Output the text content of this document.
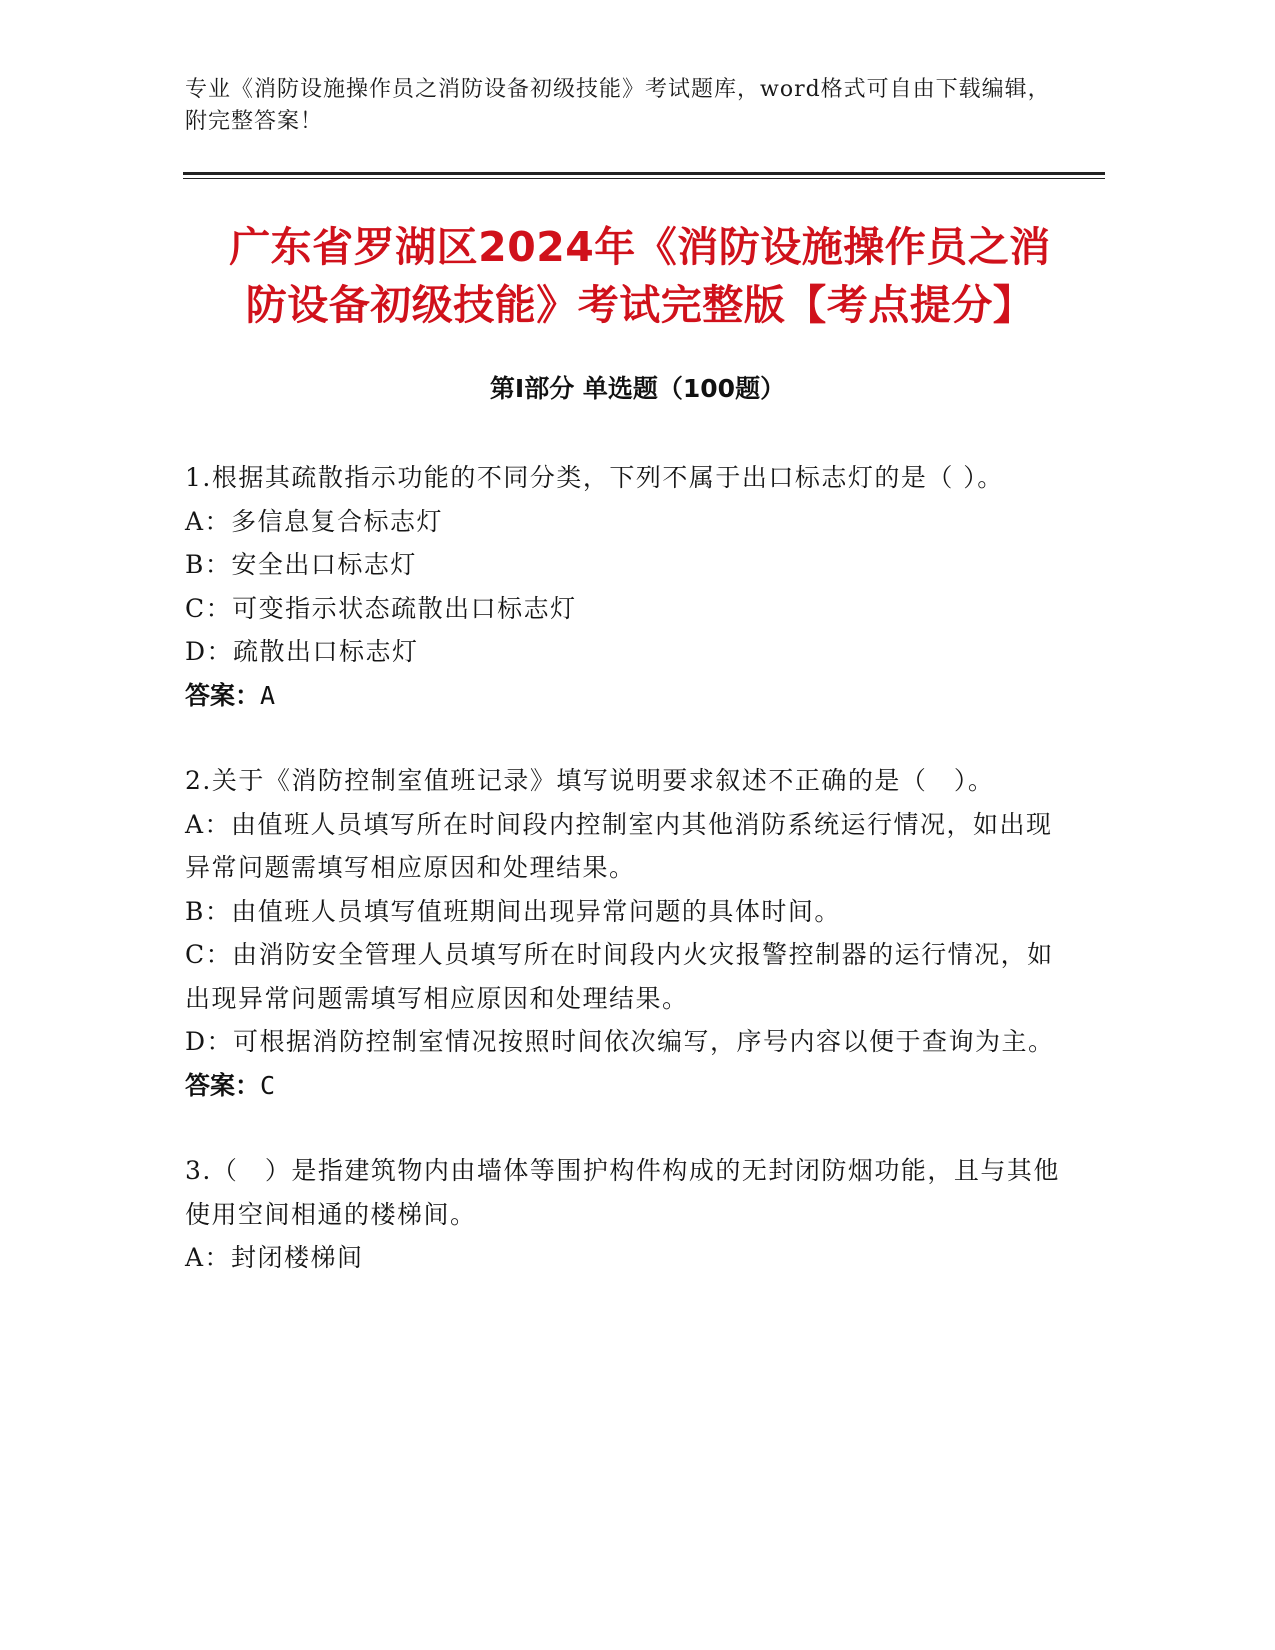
专业《消防设施操作员之消防设备初级技能》考试题库，word格式可自由下载编辑，附完整答案！
广东省罗湖区2024年《消防设施操作员之消
防设备初级技能》考试完整版【考点提分】
第I部分 单选题（100题）
1.根据其疏散指示功能的不同分类，下列不属于出口标志灯的是（ ）。
A：多信息复合标志灯
B：安全出口标志灯
C：可变指示状态疏散出口标志灯
D：疏散出口标志灯
答案：A
2.关于《消防控制室值班记录》填写说明要求叙述不正确的是（　）。
A：由值班人员填写所在时间段内控制室内其他消防系统运行情况，如出现异常问题需填写相应原因和处理结果。
B：由值班人员填写值班期间出现异常问题的具体时间。
C：由消防安全管理人员填写所在时间段内火灾报警控制器的运行情况，如出现异常问题需填写相应原因和处理结果。
D：可根据消防控制室情况按照时间依次编写，序号内容以便于查询为主。
答案：C
3.（　）是指建筑物内由墙体等围护构件构成的无封闭防烟功能，且与其他使用空间相通的楼梯间。
A：封闭楼梯间
